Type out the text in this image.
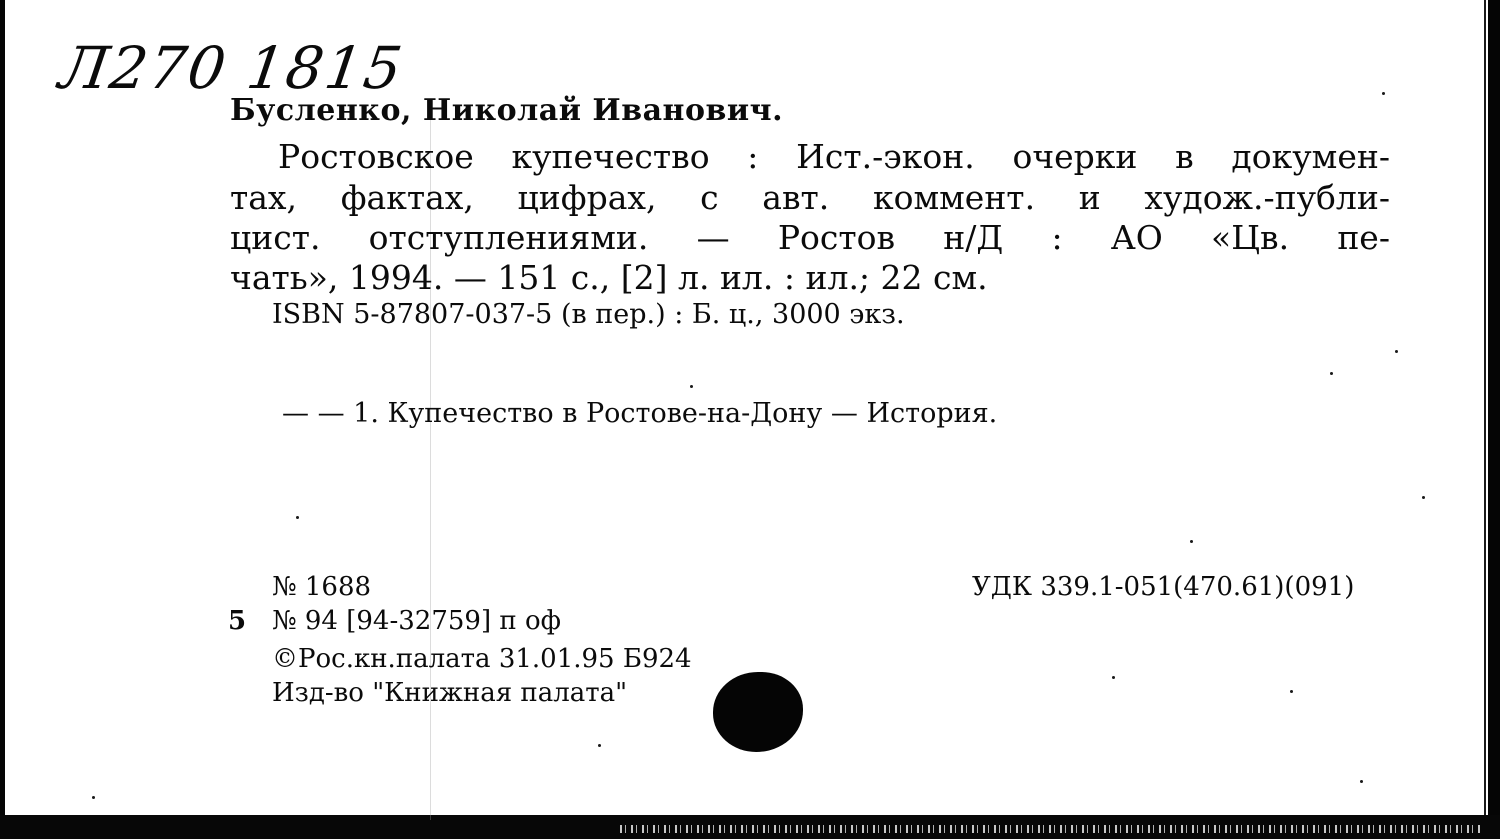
Л270 1815

Бусленко, Николай Иванович.

Ростовское купечество : Ист.-экон. очерки в докумен-

тах, фактах, цифрах, с авт. коммент. и худож.-публи-

цист. отступлениями. — Ростов н/Д : АО «Цв. пе-

чать», 1994. — 151 с., [2] л. ил. : ил.; 22 см.

ISBN 5-87807-037-5 (в пер.) : Б. ц., 3000 экз.

— — 1. Купечество в Ростове-на-Дону — История.

№ 1688

5 № 94 [94-32759] п оф

©Рос.кн.палата 31.01.95 Б924

Изд-во "Книжная палата"

УДК 339.1-051(470.61)(091)
